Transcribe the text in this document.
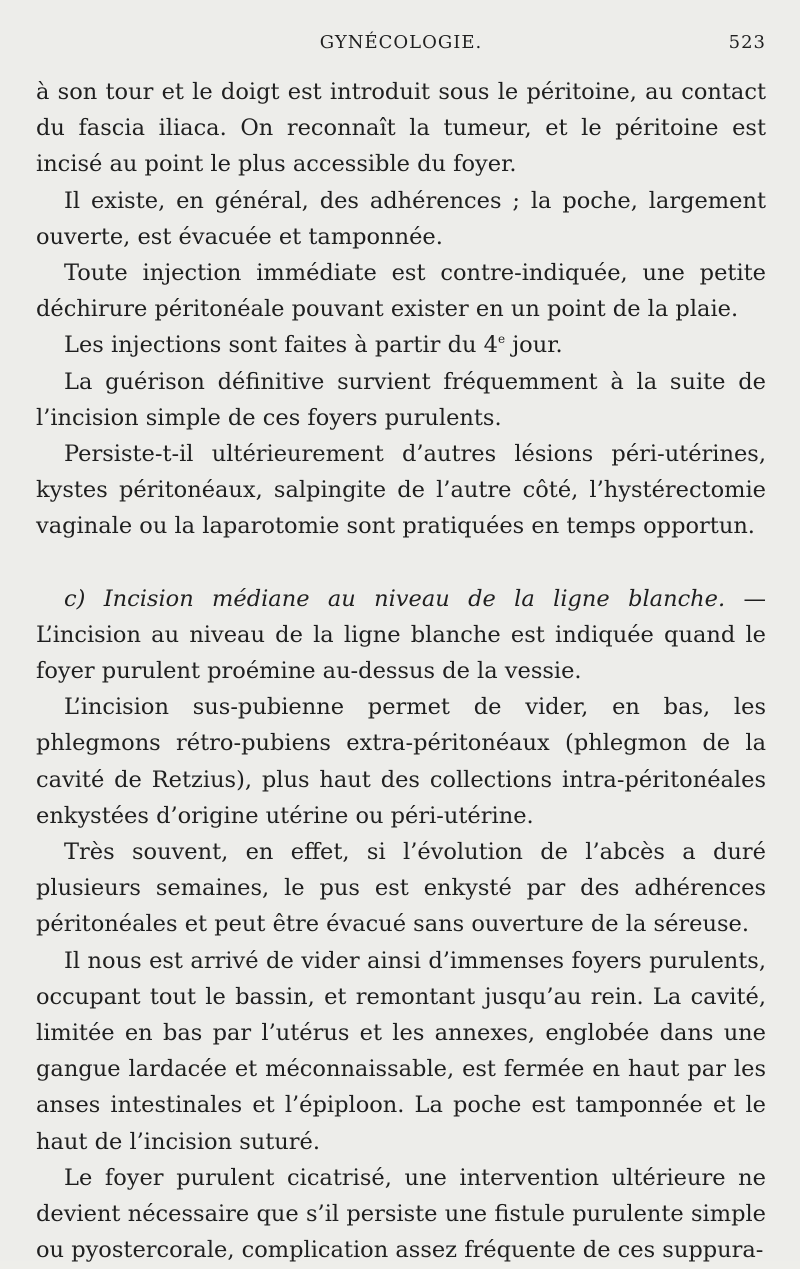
GYNÉCOLOGIE.	523

à son tour et le doigt est introduit sous le péritoine, au contact du fascia iliaca. On reconnaît la tumeur, et le péritoine est incisé au point le plus accessible du foyer.

Il existe, en général, des adhérences ; la poche, largement ouverte, est évacuée et tamponnée.

Toute injection immédiate est contre-indiquée, une petite déchirure péritonéale pouvant exister en un point de la plaie.

Les injections sont faites à partir du 4e jour.

La guérison définitive survient fréquemment à la suite de l’incision simple de ces foyers purulents.

Persiste-t-il ultérieurement d’autres lésions péri-utérines, kystes péritonéaux, salpingite de l’autre côté, l’hystérectomie vaginale ou la laparotomie sont pratiquées en temps opportun.

c) Incision médiane au niveau de la ligne blanche. — L’incision au niveau de la ligne blanche est indiquée quand le foyer purulent proémine au-dessus de la vessie.

L’incision sus-pubienne permet de vider, en bas, les phlegmons rétro-pubiens extra-péritonéaux (phlegmon de la cavité de Retzius), plus haut des collections intra-péritonéales enkystées d’origine utérine ou péri-utérine.

Très souvent, en effet, si l’évolution de l’abcès a duré plusieurs semaines, le pus est enkysté par des adhérences péritonéales et peut être évacué sans ouverture de la séreuse.

Il nous est arrivé de vider ainsi d’immenses foyers purulents, occupant tout le bassin, et remontant jusqu’au rein. La cavité, limitée en bas par l’utérus et les annexes, englobée dans une gangue lardacée et méconnaissable, est fermée en haut par les anses intestinales et l’épiploon. La poche est tamponnée et le haut de l’incision suturé.

Le foyer purulent cicatrisé, une intervention ultérieure ne devient nécessaire que s’il persiste une fistule purulente simple ou pyostercorale, complication assez fréquente de ces suppura-
